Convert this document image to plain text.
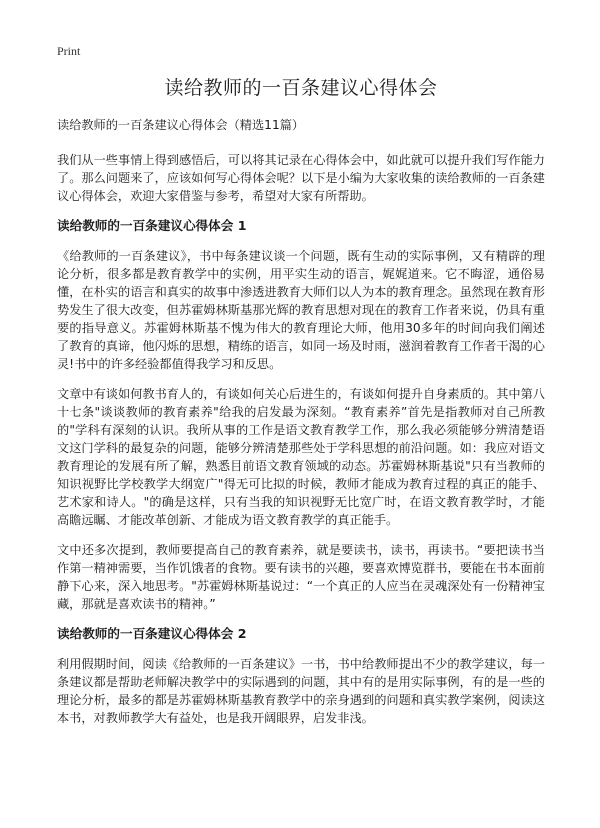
Print
读给教师的一百条建议心得体会
读给教师的一百条建议心得体会（精选11篇）

我们从一些事情上得到感悟后，可以将其记录在心得体会中，如此就可以提升我们写作能力了。那么问题来了，应该如何写心得体会呢？以下是小编为大家收集的读给教师的一百条建议心得体会，欢迎大家借鉴与参考，希望对大家有所帮助。

读给教师的一百条建议心得体会 1

《给教师的一百条建议》，书中每条建议谈一个问题，既有生动的实际事例，又有精辟的理论分析，很多都是教育教学中的实例，用平实生动的语言，娓娓道来。它不晦涩，通俗易懂，在朴实的语言和真实的故事中渗透进教育大师们以人为本的教育理念。虽然现在教育形势发生了很大改变，但苏霍姆林斯基那光辉的教育思想对现在的教育工作者来说，仍具有重要的指导意义。苏霍姆林斯基不愧为伟大的教育理论大师，他用30多年的时间向我们阐述了教育的真谛，他闪烁的思想，精练的语言，如同一场及时雨，滋润着教育工作者干渴的心灵!书中的许多经验都值得我学习和反思。

文章中有谈如何教书育人的，有谈如何关心后进生的，有谈如何提升自身素质的。其中第八十七条"谈谈教师的教育素养"给我的启发最为深刻。“教育素养”首先是指教师对自己所教的"学科有深刻的认识。我所从事的工作是语文教育教学工作，那么我必须能够分辨清楚语文这门学科的最复杂的问题，能够分辨清楚那些处于学科思想的前沿问题。如：我应对语文教育理论的发展有所了解，熟悉目前语文教育领域的动态。苏霍姆林斯基说"只有当教师的知识视野比学校教学大纲宽广"得无可比拟的时候，教师才能成为教育过程的真正的能手、艺术家和诗人。"的确是这样，只有当我的知识视野无比宽广时，在语文教育教学时，才能高瞻远瞩、才能改革创新、才能成为语文教育教学的真正能手。

文中还多次提到，教师要提高自己的教育素养，就是要读书，读书，再读书。“要把读书当作第一精神需要，当作饥饿者的食物。要有读书的兴趣，要喜欢博览群书，要能在书本面前静下心来，深入地思考。"苏霍姆林斯基说过：“一个真正的人应当在灵魂深处有一份精神宝藏，那就是喜欢读书的精神。”

读给教师的一百条建议心得体会 2

利用假期时间，阅读《给教师的一百条建议》一书，书中给教师提出不少的教学建议，每一条建议都是帮助老师解决教学中的实际遇到的问题，其中有的是用实际事例，有的是一些的理论分析，最多的都是苏霍姆林斯基教育教学中的亲身遇到的问题和真实教学案例，阅读这本书，对教师教学大有益处，也是我开阔眼界，启发非浅。
